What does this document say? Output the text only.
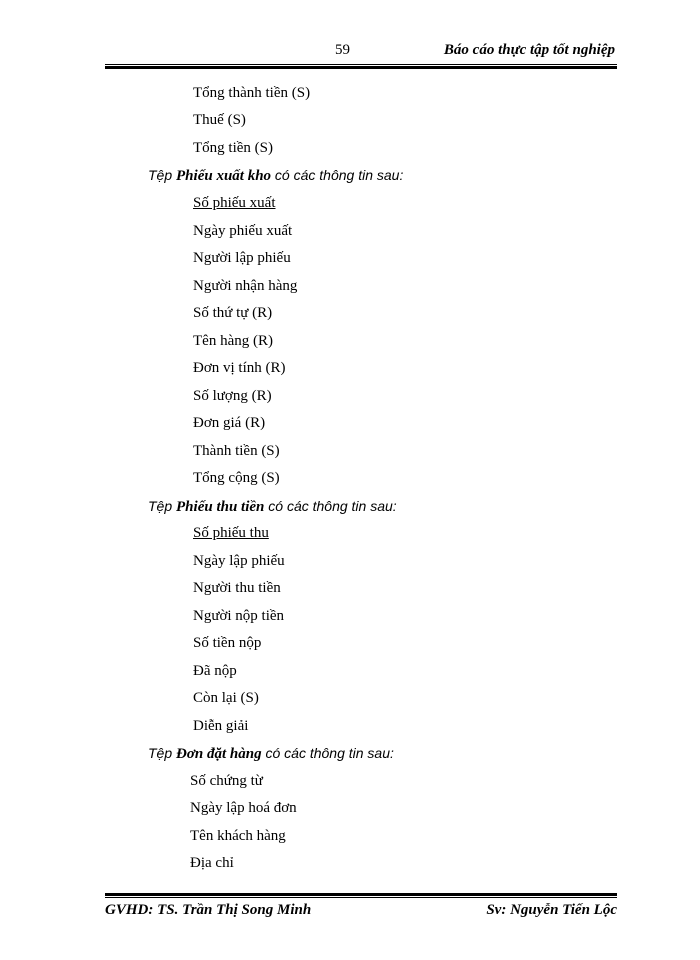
59	Báo cáo thực tập tốt nghiệp
Tổng thành tiền (S)
Thuế (S)
Tổng tiền (S)
Tệp Phiếu xuất kho có các thông tin sau:
Số phiếu xuất
Ngày phiếu xuất
Người lập phiếu
Người nhận hàng
Số thứ tự (R)
Tên hàng (R)
Đơn vị tính (R)
Số lượng (R)
Đơn giá (R)
Thành tiền (S)
Tổng cộng (S)
Tệp Phiếu thu tiền có các thông tin sau:
Số phiếu thu
Ngày lập phiếu
Người thu tiền
Người nộp tiền
Số tiền nộp
Đã nộp
Còn lại (S)
Diễn giải
Tệp Đơn đặt hàng có các thông tin sau:
Số chứng từ
Ngày lập hoá đơn
Tên khách hàng
Địa chỉ
GVHD: TS. Trần Thị Song Minh	Sv: Nguyễn Tiến Lộc
